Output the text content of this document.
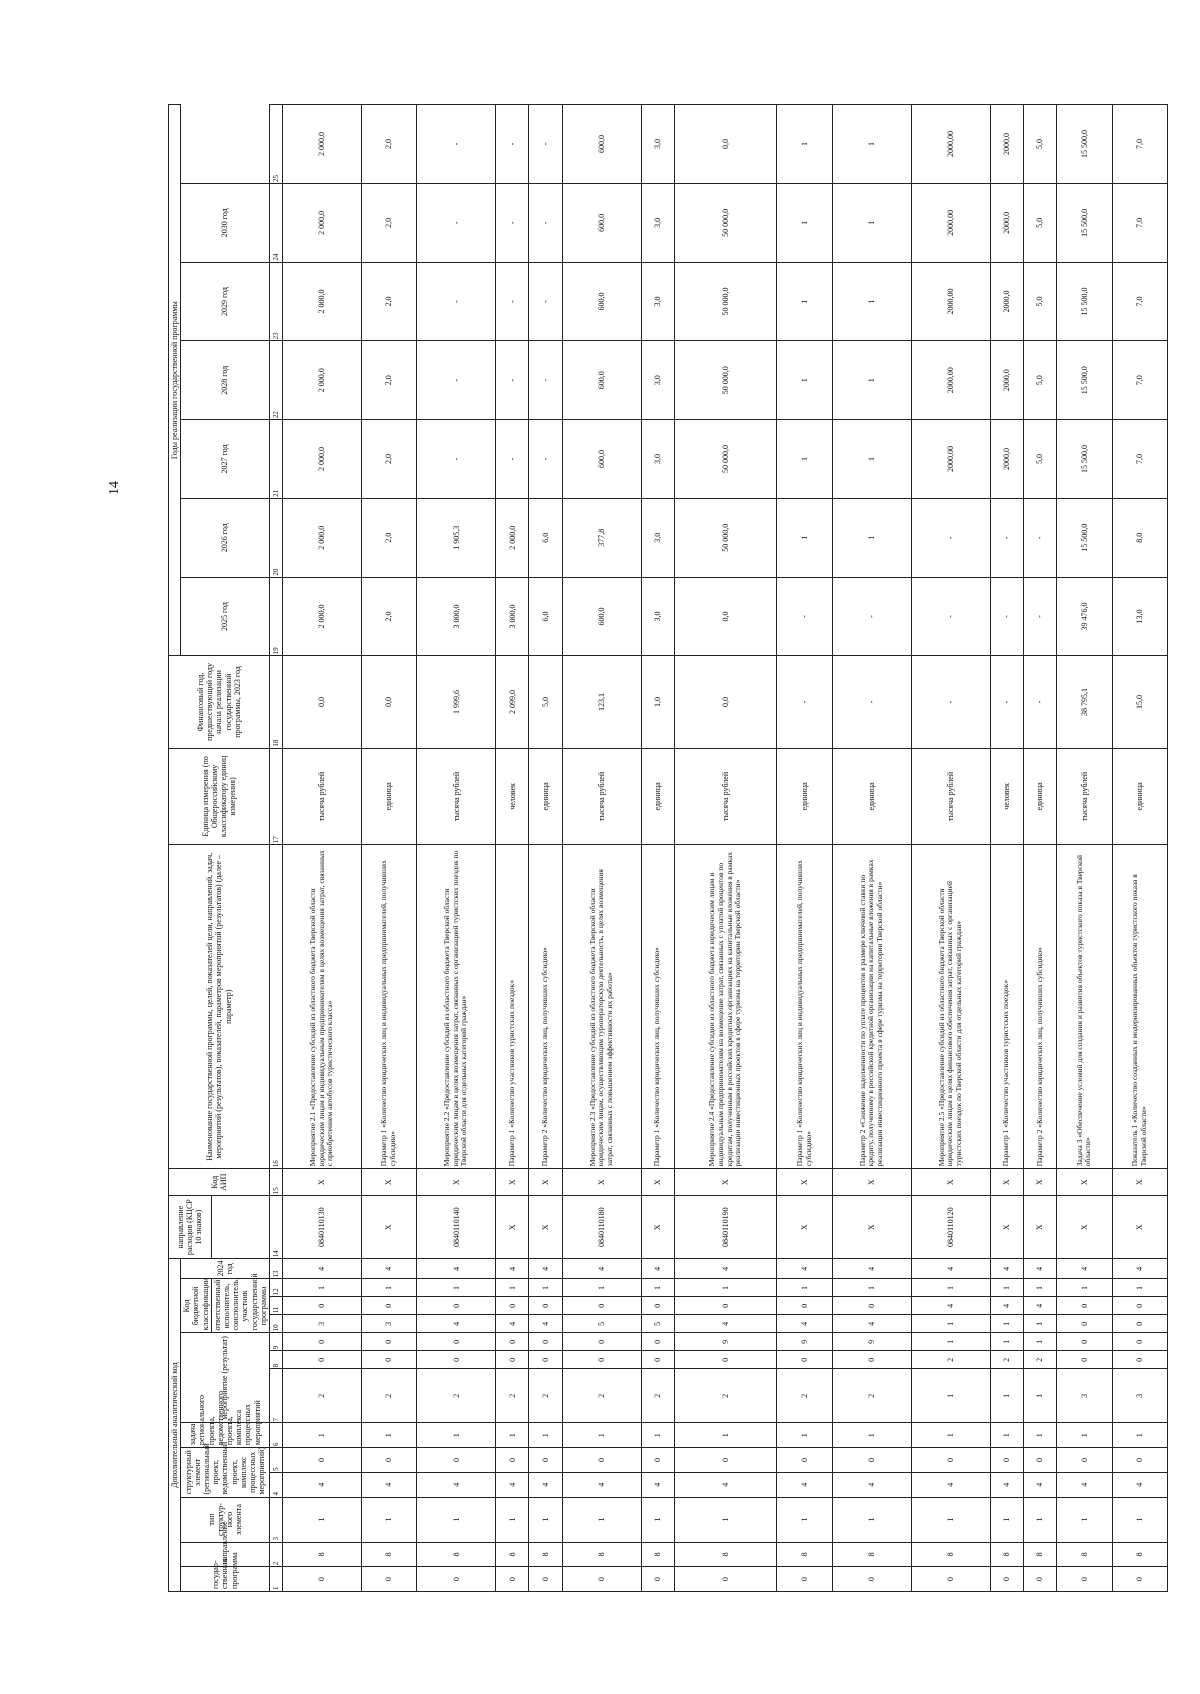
14
Дополнительный аналитический код													направление расходов (КЦСР 10 знаков)	Код АИП	Наименование государственной программы, целей, показателей цели, направлений, задач, мероприятий (результатов), показателей, параметров мероприятий (результатов) (далее – параметр)	Единица измерения (по Общероссийскому классификатору единиц измерения)	Финансовый год, предшествующий году начала реализации государственной программы, 2023 год	Годы реализации государственной программы						
государ-ственная программа	направление	тип структур-ного элемента	структурный элемент (региональный проект, ведомственный проект, комплекс процессных мероприятий)		задача регионального проекта, ведомственного проекта, комплекса процессных мероприятий	мероприятие (результат)			Код бюджетной классификации			2024 год						2025 год	2026 год	2027 год	2028 год	2029 год	2030 год	
									ответственный исполнитель, соисполнитель, участник государственной программы															
1	2	3	4	5	6	7	8	9	10	11	12	13	14	15	16	17	18	19	20	21	22	23	24	25
0	8	1	4	0	1	2	0	0	3	0	1	4	0840110130	Х	Мероприятие 2.1 «Предоставление субсидий из областного бюджета Тверской области юридическим лицам и индивидуальным предпринимателям в целях возмещения затрат, связанных с приобретением автобусов туристического класса»	тысяча рублей	0,0	2 000,0	2 000,0	2 000,0	2 000,0	2 000,0	2 000,0	2 000,0
0	8	1	4	0	1	2	0	0	3	0	1	4	Х	Х	Параметр 1 «Количество юридических лиц и индивидуальных предпринимателей, получивших субсидию»	единица	0,0	2,0	2,0	2,0	2,0	2,0	2,0	2,0
0	8	1	4	0	1	2	0	0	4	0	1	4	0840110140	Х	Мероприятие 2.2 «Предоставление субсидий из областного бюджета Тверской области юридическим лицам в целях возмещения затрат, связанных с организацией туристских поездок по Тверской области для отдельных категорий граждан»	тысяча рублей	1 999,6	3 000,0	1 905,3	-	-	-	-	-
0	8	1	4	0	1	2	0	0	4	0	1	4	Х	Х	Параметр 1 «Количество участников туристских поездок»	человек	2 099,0	3 000,0	2 000,0	-	-	-	-	-
0	8	1	4	0	1	2	0	0	4	0	1	4	Х	Х	Параметр 2 «Количество юридических лиц, получивших субсидию»	единица	5,0	6,0	6,0	-	-	-	-	-
0	8	1	4	0	1	2	0	0	5	0	1	4	0840110180	Х	Мероприятие 2.3 «Предоставление субсидий из областного бюджета Тверской области юридическим лицам, осуществляющим туроператорскую деятельность, в целях возмещения затрат, связанных с повышением эффективности их работы»	тысяча рублей	123,1	600,0	377,8	600,0	600,0	600,0	600,0	600,0
0	8	1	4	0	1	2	0	0	5	0	1	4	Х	Х	Параметр 1 «Количество юридических лиц, получивших субсидию»	единица	1,0	3,0	3,0	3,0	3,0	3,0	3,0	3,0
0	8	1	4	0	1	2	0	9	4	0	1	4	0840110190	Х	Мероприятие 2.4 «Предоставление субсидии из областного бюджета юридическим лицам и индивидуальным предпринимателям на возмещение затрат, связанных с уплатой процентов по кредитам, полученным в российских кредитных организациях на капитальные вложения в рамках реализации инвестиционных проектов в сфере туризма на территории Тверской области»	тысяча рублей	0,0	0,0	50 000,0	50 000,0	50 000,0	50 000,0	50 000,0	0,0
0	8	1	4	0	1	2	0	9	4	0	1	4	Х	Х	Параметр 1 «Количество юридических лиц и индивидуальных предпринимателей, получивших субсидию»	единица	-	-	1	1	1	1	1	1
0	8	1	4	0	1	2	0	9	4	0	1	4	Х	Х	Параметр 2 «Снижение задолженности по уплате процентов в размере ключевой ставки по кредиту, полученному в российской кредитной организации на капитальные вложения в рамках реализации инвестиционного проекта в сфере туризма на территории Тверской области»	единица	-	-	1	1	1	1	1	1
0	8	1	4	0	1	1	2	1	1	4	1	4	0840110120	Х	Мероприятие 2.5 «Предоставление субсидий из областного бюджета Тверской области юридическим лицам в целях финансового обеспечения затрат, связанных с организацией туристских поездок по Тверской области для отдельных категорий граждан»	тысяча рублей	-	-	-	2000,00	2000,00	2000,00	2000,00	2000,00
0	8	1	4	0	1	1	2	1	1	4	1	4	Х	Х	Параметр 1 «Количество участников туристских поездок»	человек	-	-	-	2000,0	2000,0	2000,0	2000,0	2000,0
0	8	1	4	0	1	1	2	1	1	4	1	4	Х	Х	Параметр 2 «Количество юридических лиц, получивших субсидию»	единица	-	-	-	5,0	5,0	5,0	5,0	5,0
0	8	1	4	0	1	3	0	0	0	0	1	4	Х	Х	Задача 3 «Обеспечение условий для создания и развития объектов туристского показа в Тверской области»	тысяча рублей	38 795,1	39 476,0	15 500,0	15 500,0	15 500,0	15 500,0	15 500,0	15 500,0
0	8	1	4	0	1	3	0	0	0	0	1	4	Х	Х	Показатель 1 «Количество созданных и модернизированных объектов туристского показа в Тверской области»	единица	15,0	13,0	8,0	7,0	7,0	7,0	7,0	7,0
